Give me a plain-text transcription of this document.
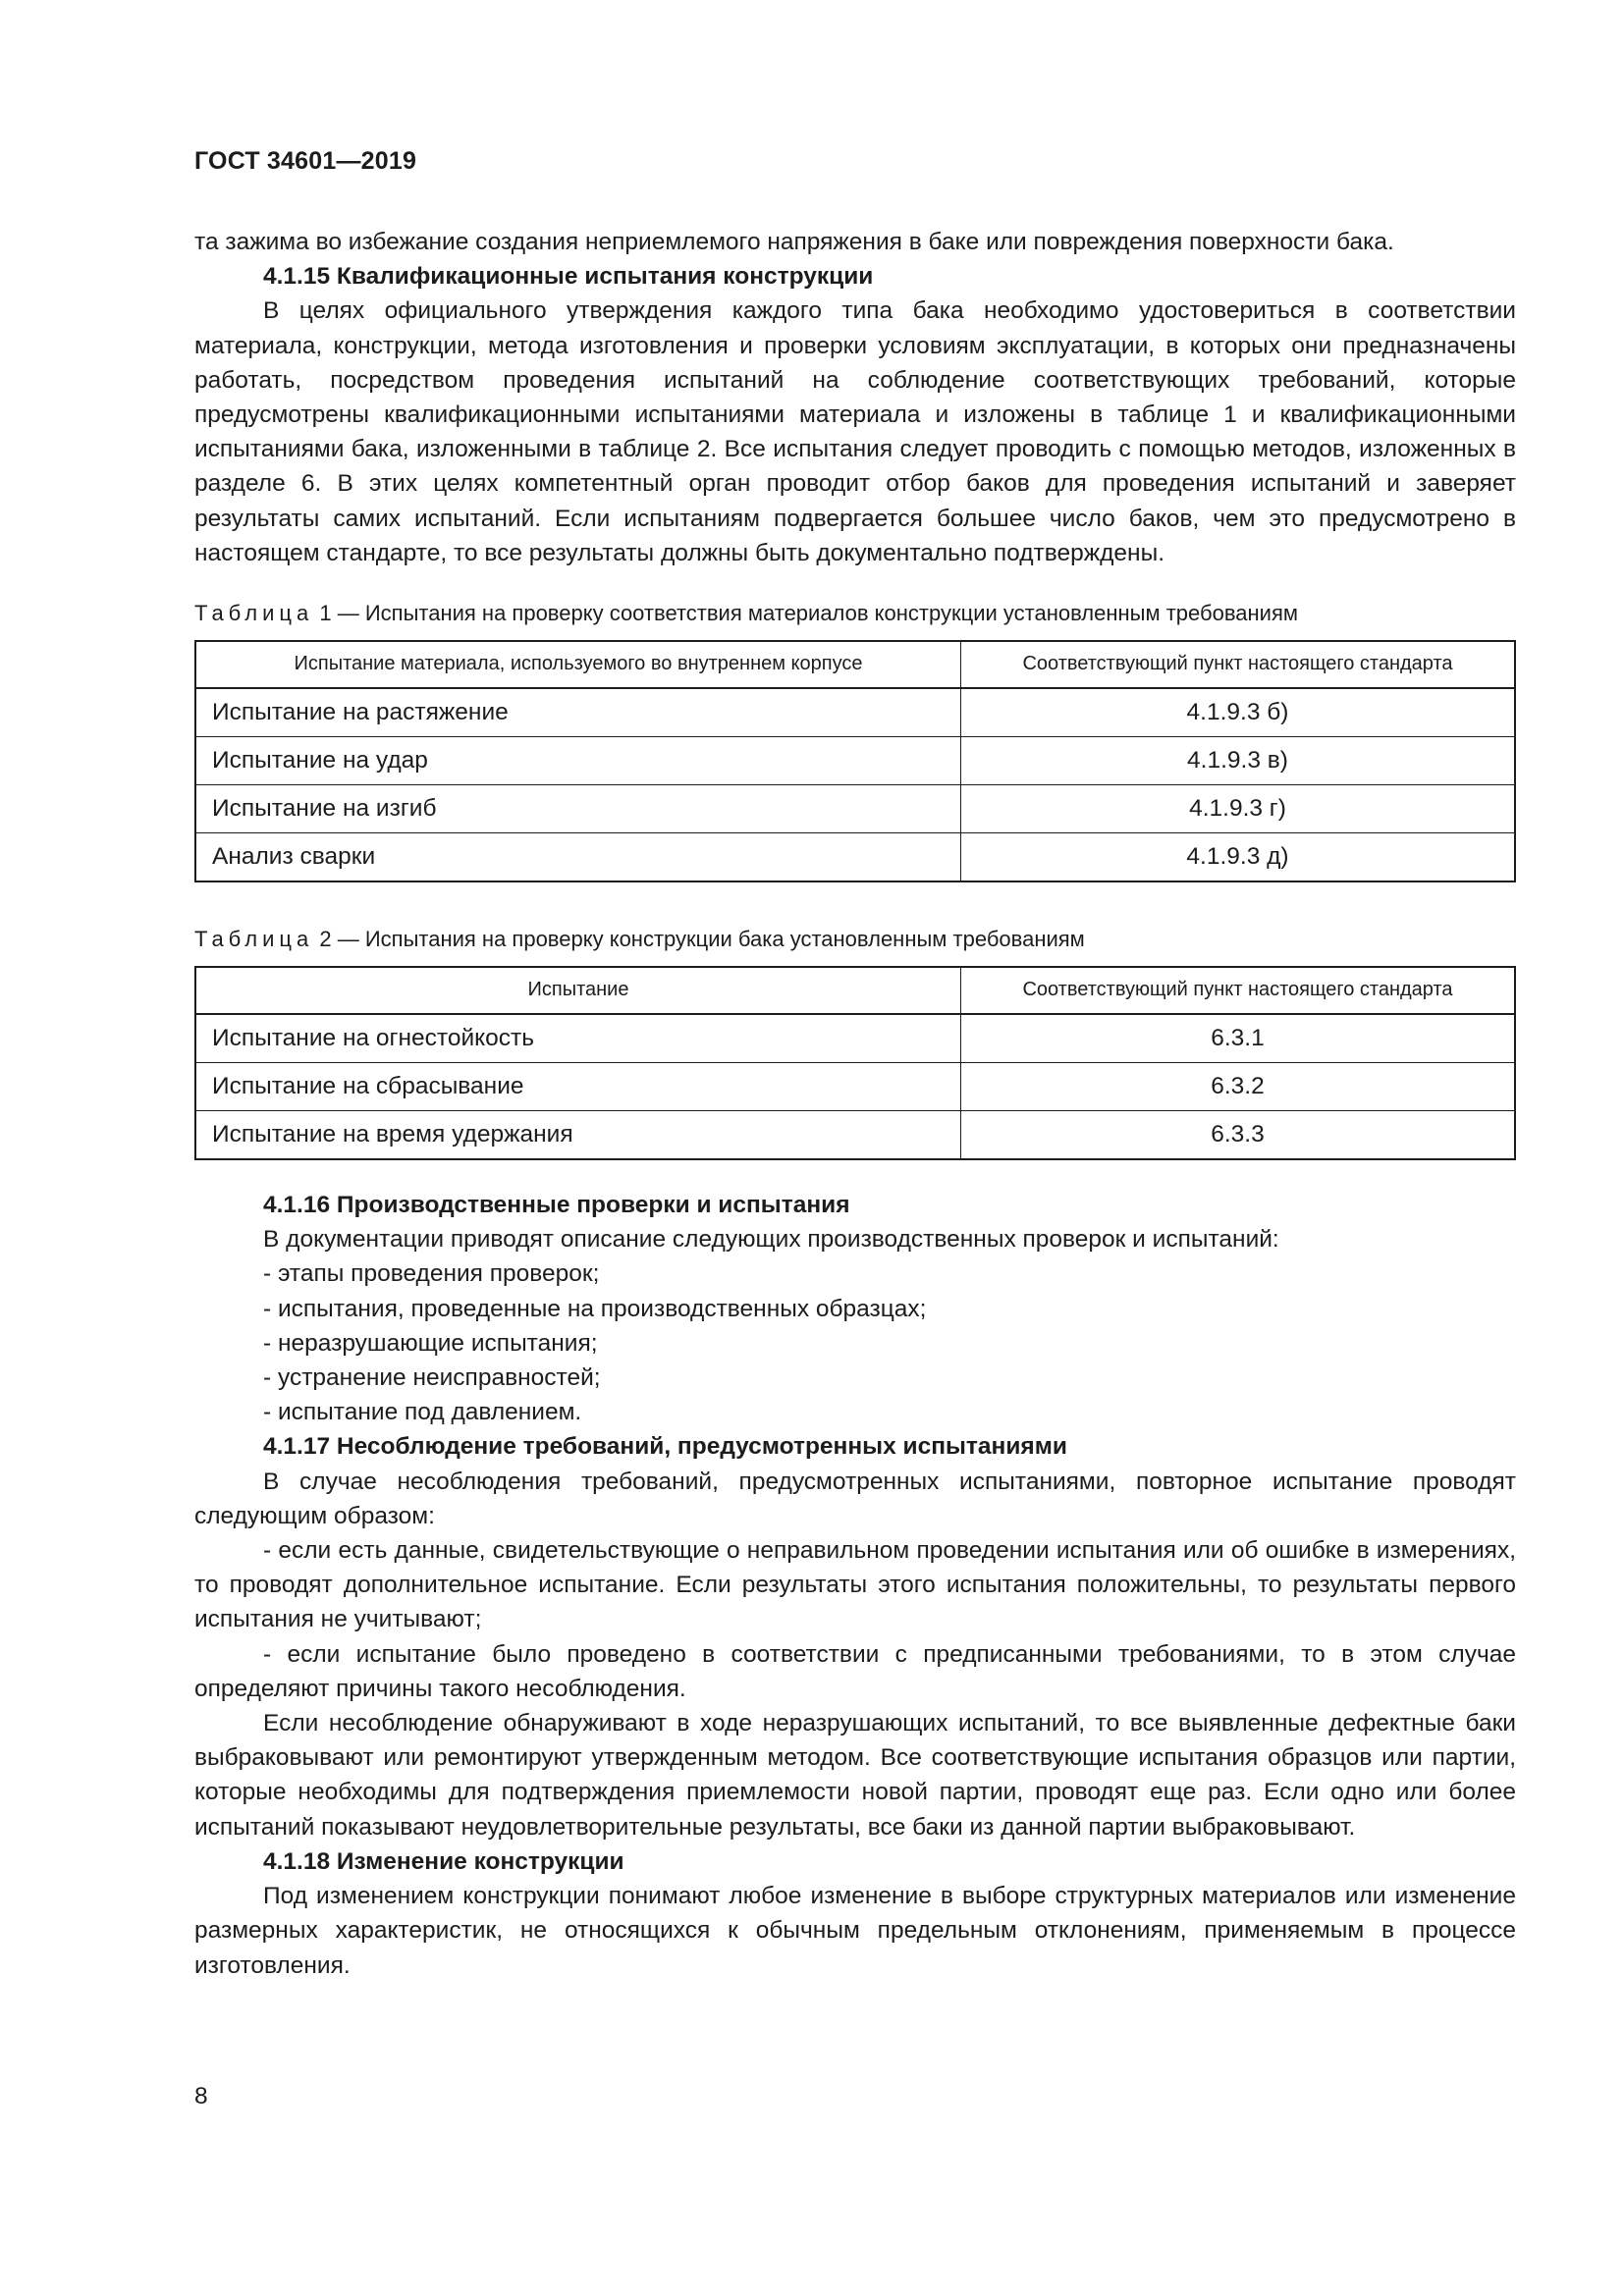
ГОСТ 34601—2019

та зажима во избежание создания неприемлемого напряжения в баке или повреждения поверхности бака.

4.1.15 Квалификационные испытания конструкции

В целях официального утверждения каждого типа бака необходимо удостовериться в соответствии материала, конструкции, метода изготовления и проверки условиям эксплуатации, в которых они предназначены работать, посредством проведения испытаний на соблюдение соответствующих требований, которые предусмотрены квалификационными испытаниями материала и изложены в таблице 1 и квалификационными испытаниями бака, изложенными в таблице 2. Все испытания следует проводить с помощью методов, изложенных в разделе 6. В этих целях компетентный орган проводит отбор баков для проведения испытаний и заверяет результаты самих испытаний. Если испытаниям подвергается большее число баков, чем это предусмотрено в настоящем стандарте, то все результаты должны быть документально подтверждены.

Таблица 1 — Испытания на проверку соответствия материалов конструкции установленным требованиям

Испытание материала, используемого во внутреннем корпусе	Соответствующий пункт настоящего стандарта
Испытание на растяжение	4.1.9.3 б)
Испытание на удар	4.1.9.3 в)
Испытание на изгиб	4.1.9.3 г)
Анализ сварки	4.1.9.3 д)

Таблица 2 — Испытания на проверку конструкции бака установленным требованиям

Испытание	Соответствующий пункт настоящего стандарта
Испытание на огнестойкость	6.3.1
Испытание на сбрасывание	6.3.2
Испытание на время удержания	6.3.3

4.1.16 Производственные проверки и испытания

В документации приводят описание следующих производственных проверок и испытаний:

- этапы проведения проверок;

- испытания, проведенные на производственных образцах;

- неразрушающие испытания;

- устранение неисправностей;

- испытание под давлением.

4.1.17 Несоблюдение требований, предусмотренных испытаниями

В случае несоблюдения требований, предусмотренных испытаниями, повторное испытание проводят следующим образом:

- если есть данные, свидетельствующие о неправильном проведении испытания или об ошибке в измерениях, то проводят дополнительное испытание. Если результаты этого испытания положительны, то результаты первого испытания не учитывают;

- если испытание было проведено в соответствии с предписанными требованиями, то в этом случае определяют причины такого несоблюдения.

Если несоблюдение обнаруживают в ходе неразрушающих испытаний, то все выявленные дефектные баки выбраковывают или ремонтируют утвержденным методом. Все соответствующие испытания образцов или партии, которые необходимы для подтверждения приемлемости новой партии, проводят еще раз. Если одно или более испытаний показывают неудовлетворительные результаты, все баки из данной партии выбраковывают.

4.1.18 Изменение конструкции

Под изменением конструкции понимают любое изменение в выборе структурных материалов или изменение размерных характеристик, не относящихся к обычным предельным отклонениям, применяемым в процессе изготовления.

8
